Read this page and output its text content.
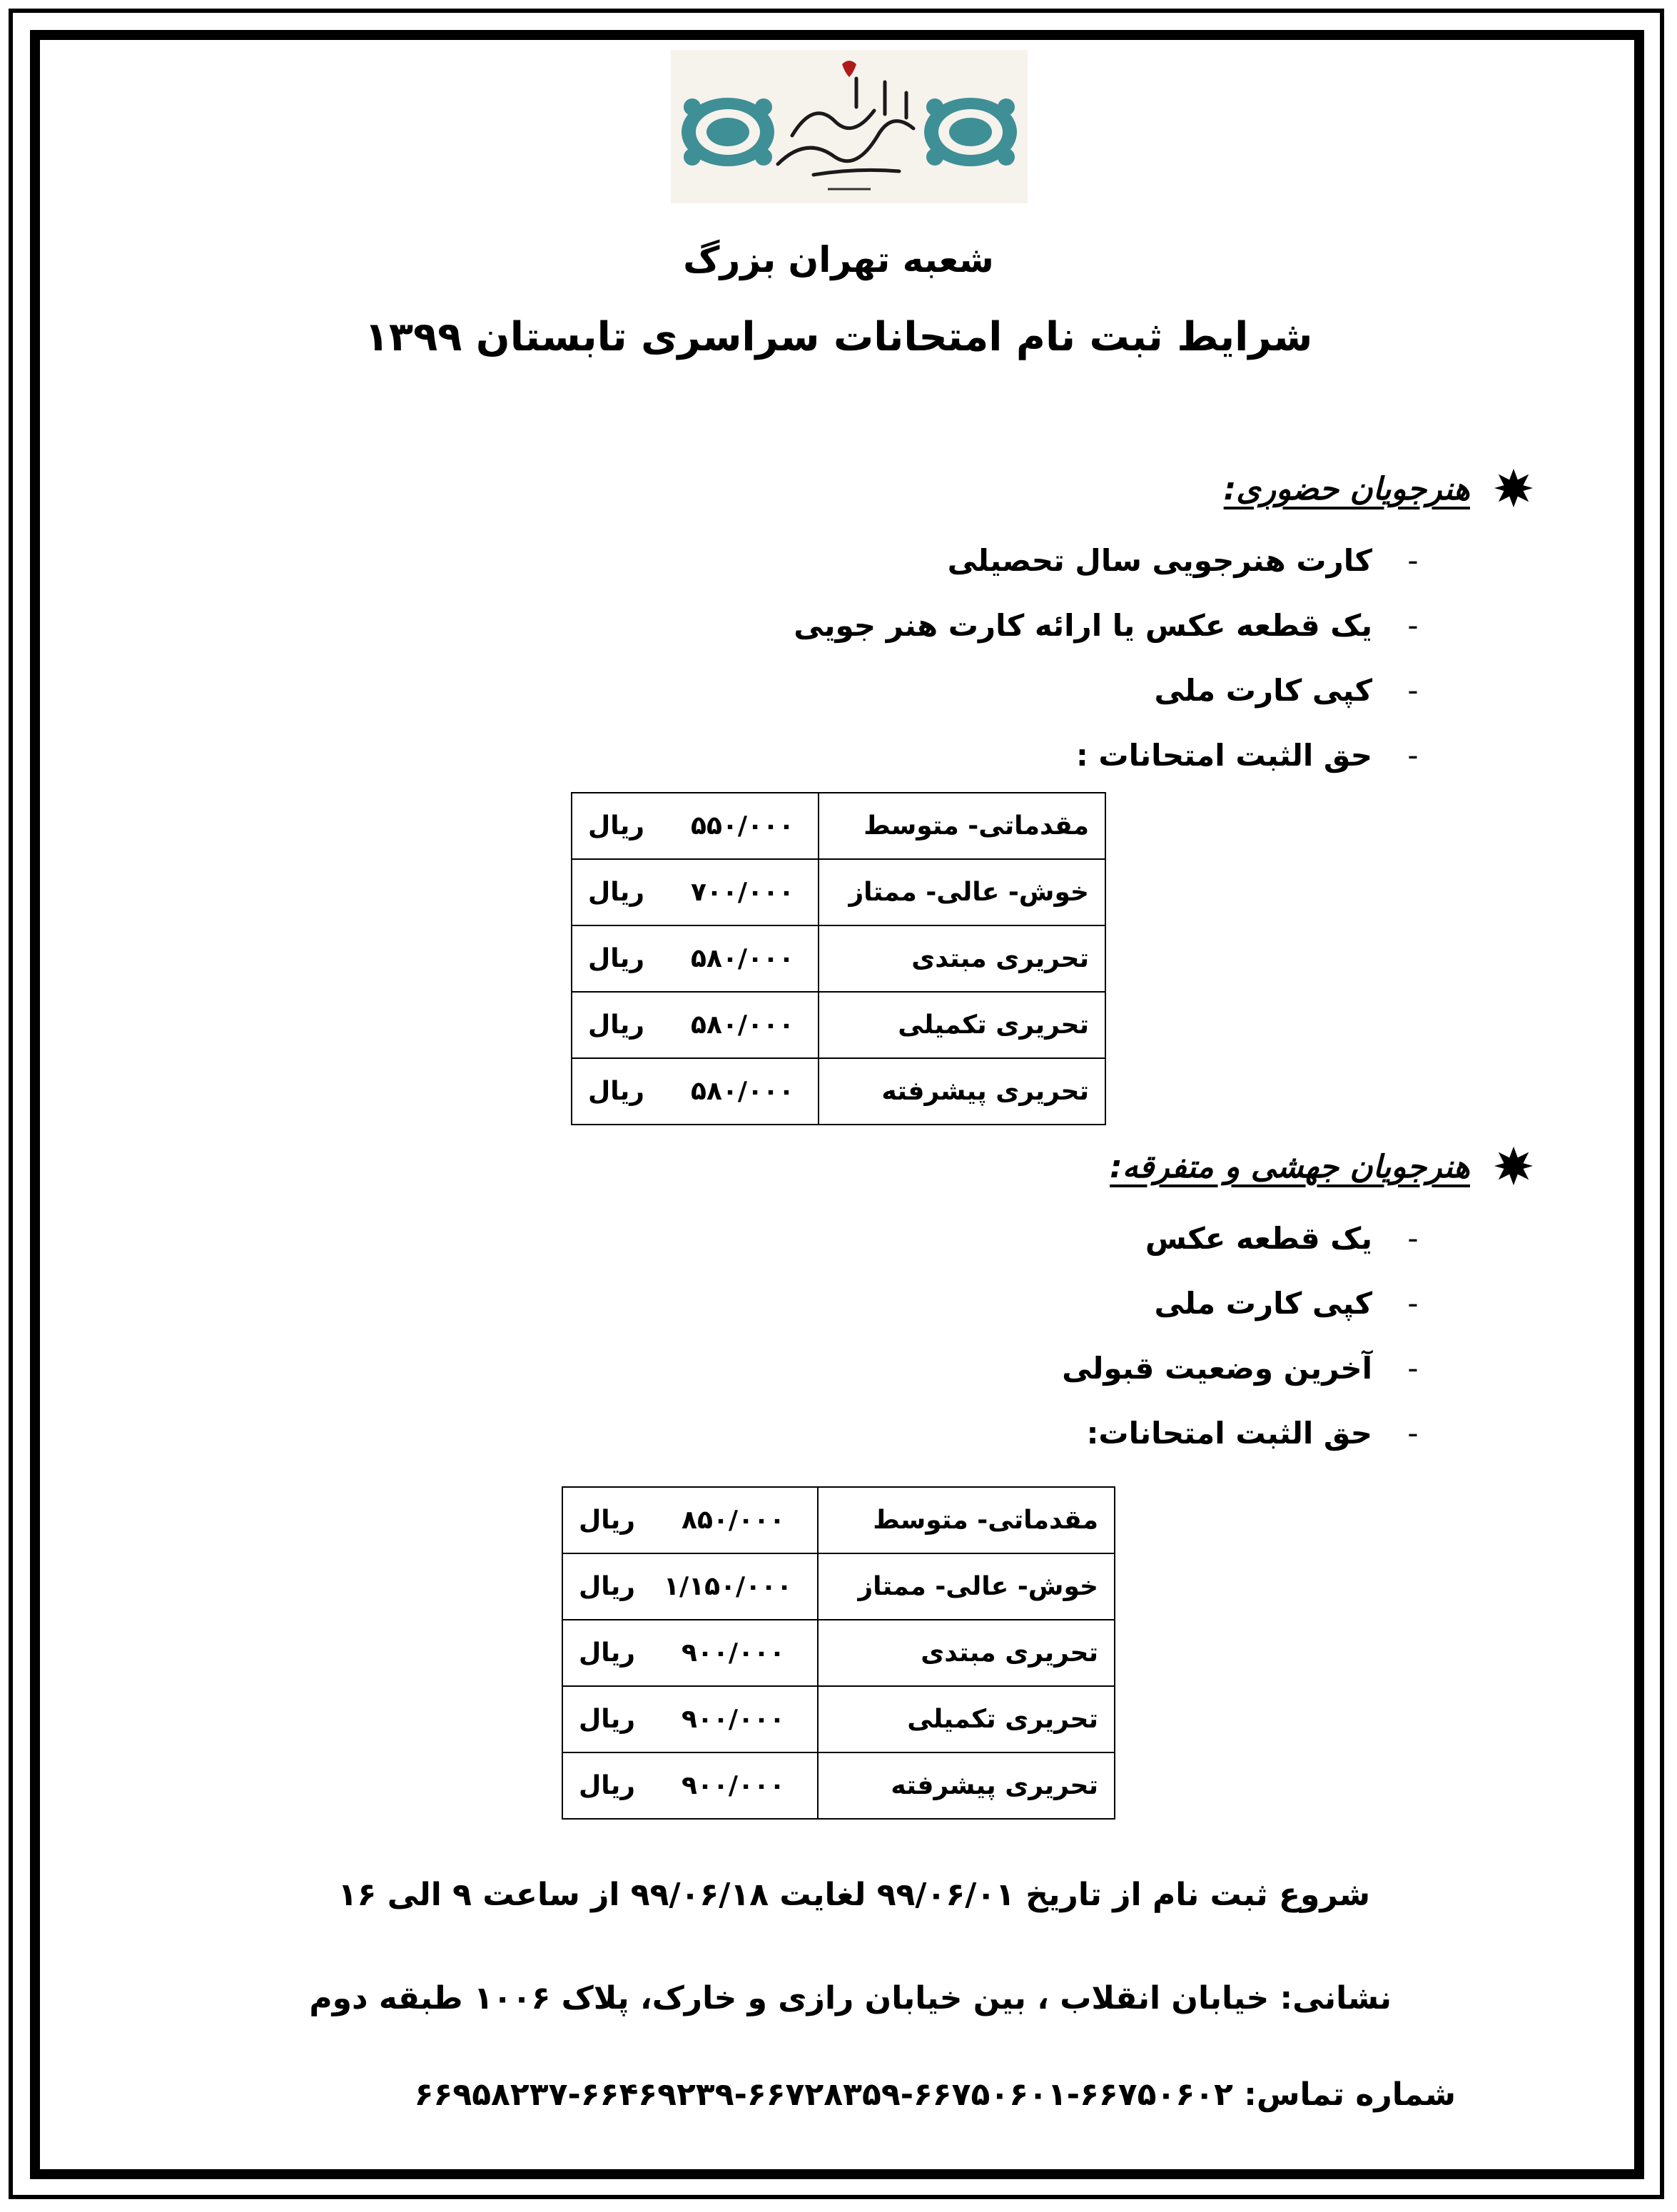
شعبه تهران بزرگ
شرایط ثبت نام امتحانات سراسری تابستان ۱۳۹۹
هنرجویان حضوری:
-
کارت هنرجویی سال تحصیلی
-
یک قطعه عکس یا ارائه کارت هنر جویی
-
کپی کارت ملی
-
حق الثبت امتحانات :
مقدماتی- متوسط	۵۵۰/۰۰۰ریال
خوش- عالی- ممتاز	۷۰۰/۰۰۰ریال
تحریری مبتدی	۵۸۰/۰۰۰ریال
تحریری تکمیلی	۵۸۰/۰۰۰ریال
تحریری پیشرفته	۵۸۰/۰۰۰ریال
هنرجویان جهشی و متفرقه:
-
یک قطعه عکس
-
کپی کارت ملی
-
آخرین وضعیت قبولی
-
حق الثبت امتحانات:
مقدماتی- متوسط	۸۵۰/۰۰۰ریال
خوش- عالی- ممتاز	۱/۱۵۰/۰۰۰ریال
تحریری مبتدی	۹۰۰/۰۰۰ریال
تحریری تکمیلی	۹۰۰/۰۰۰ریال
تحریری پیشرفته	۹۰۰/۰۰۰ریال
شروع ثبت نام از تاریخ ۹۹/۰۶/۰۱ لغایت ۹۹/۰۶/۱۸ از ساعت ۹ الی ۱۶
نشانی: خیابان انقلاب ، بین خیابان رازی و خارک، پلاک ۱۰۰۶ طبقه دوم
شماره تماس: ۶۶۷۵۰۶۰۲-۶۶۷۵۰۶۰۱-۶۶۷۲۸۳۵۹-۶۶۴۶۹۲۳۹-۶۶۹۵۸۲۳۷
